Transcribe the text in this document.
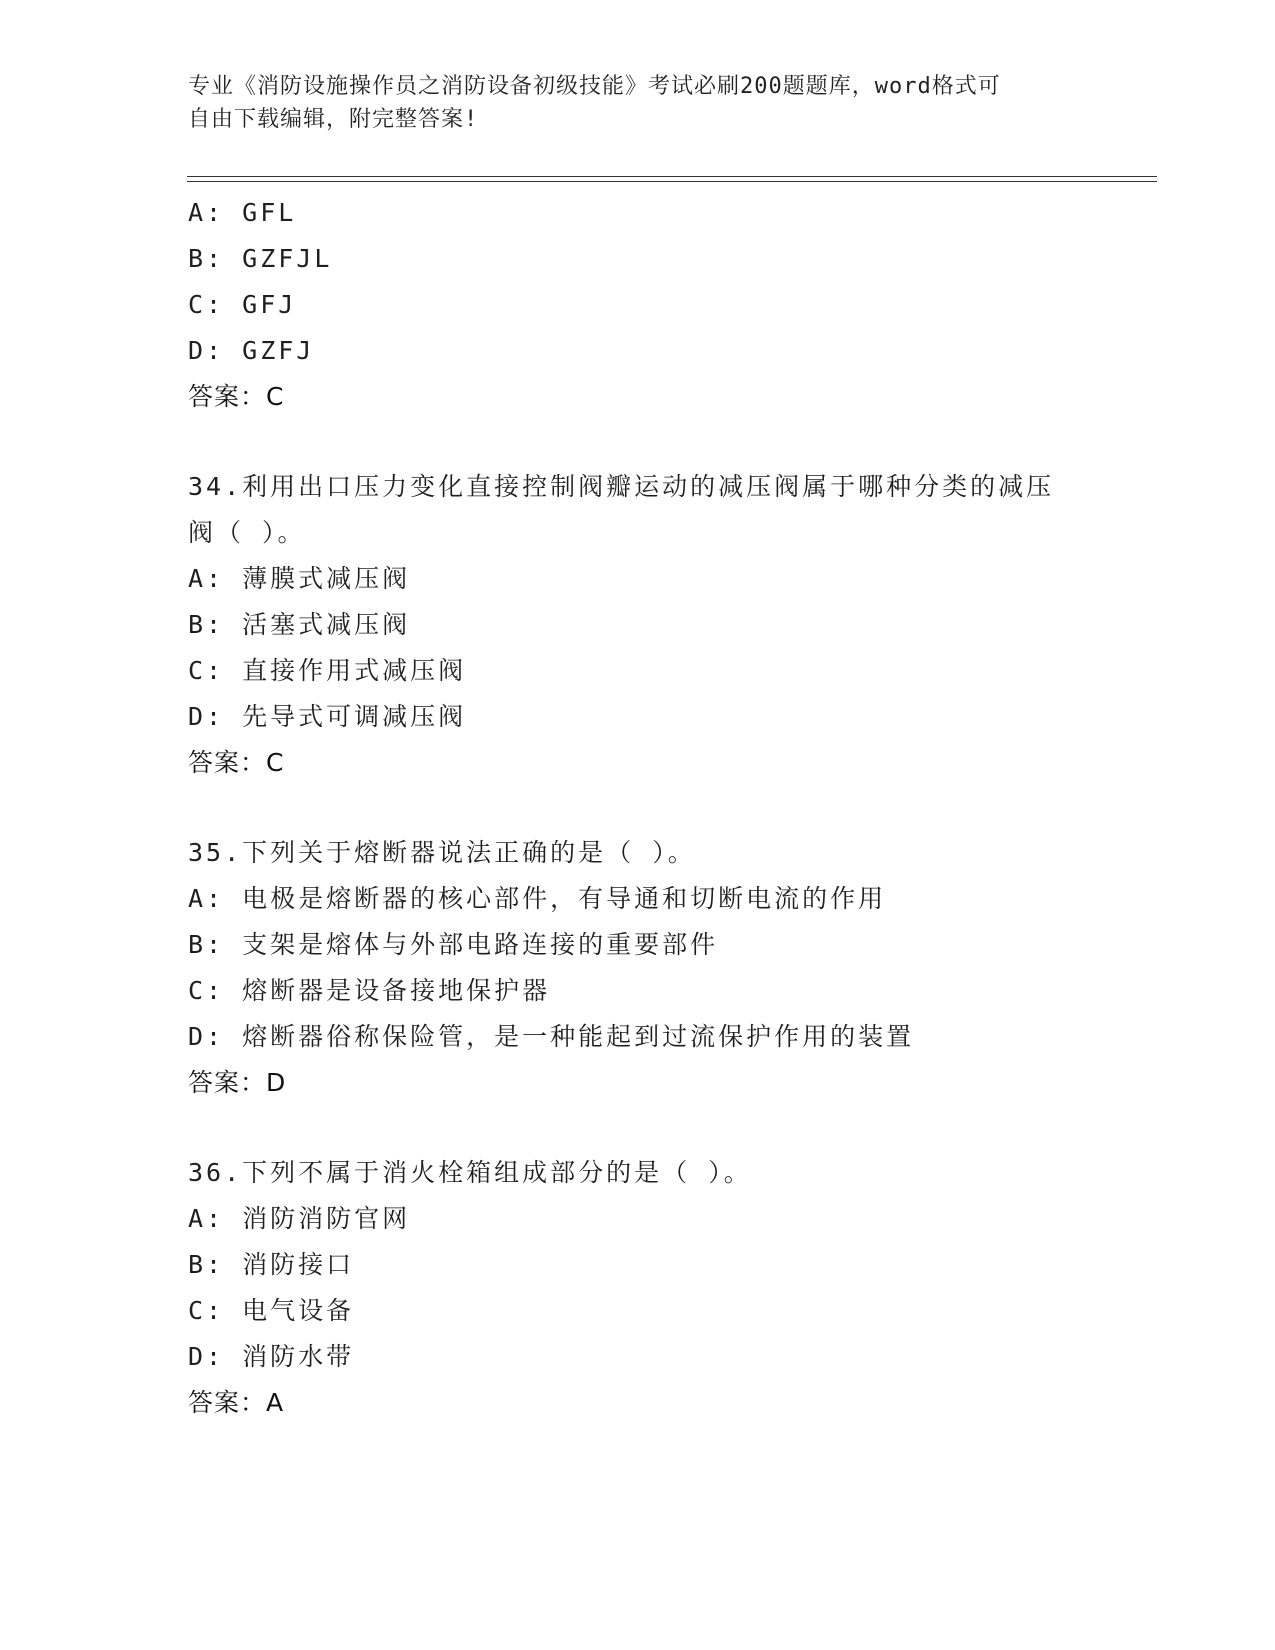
专业《消防设施操作员之消防设备初级技能》考试必刷200题题库，word格式可
自由下载编辑，附完整答案!
A: GFL
B: GZFJL
C: GFJ
D: GZFJ
答案：C
34.利用出口压力变化直接控制阀瓣运动的减压阀属于哪种分类的减压
阀（ ）。
A: 薄膜式减压阀
B: 活塞式减压阀
C: 直接作用式减压阀
D: 先导式可调减压阀
答案：C
35.下列关于熔断器说法正确的是（ ）。
A: 电极是熔断器的核心部件，有导通和切断电流的作用
B: 支架是熔体与外部电路连接的重要部件
C: 熔断器是设备接地保护器
D: 熔断器俗称保险管，是一种能起到过流保护作用的装置
答案：D
36.下列不属于消火栓箱组成部分的是（ ）。
A: 消防消防官网
B: 消防接口
C: 电气设备
D: 消防水带
答案：A
